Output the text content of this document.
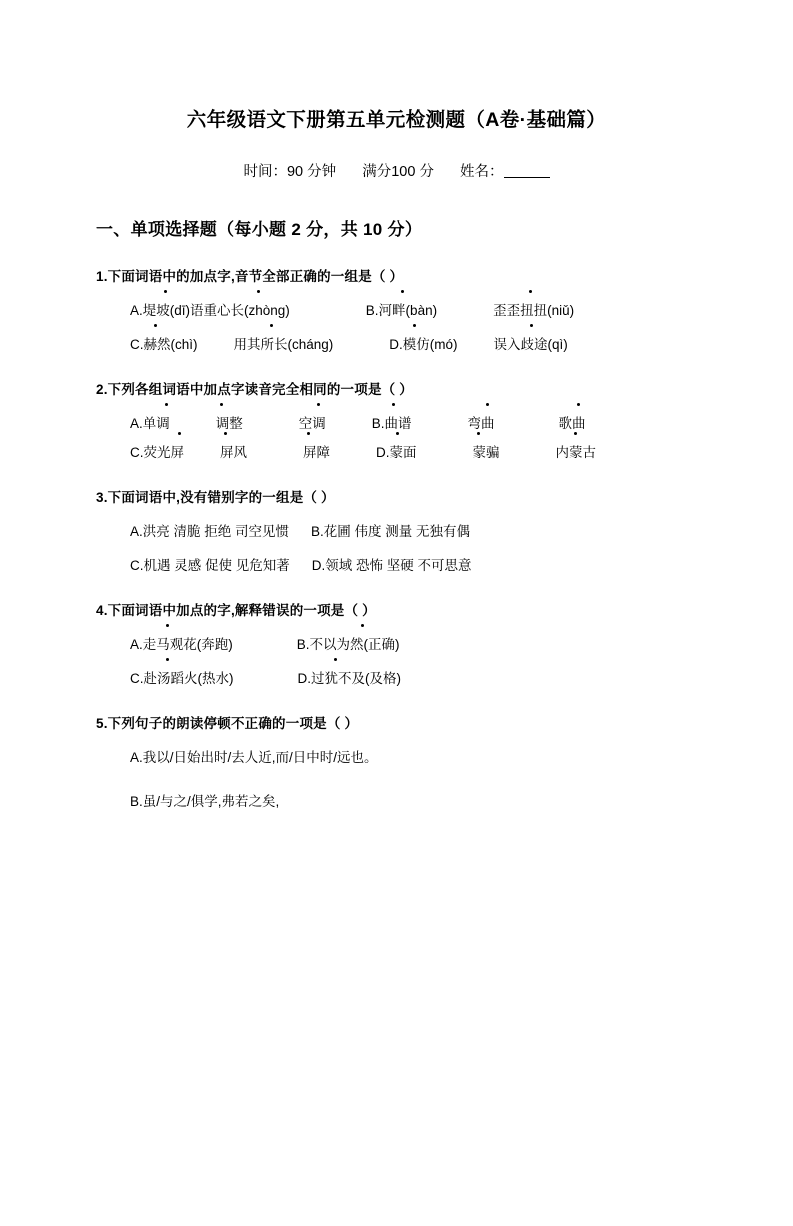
六年级语文下册第五单元检测题（A卷·基础篇）
时间：90 分钟 满分100 分 姓名：
一、单项选择题（每小题 2 分，共 10 分）
1.下面词语中的加点字,音节全部正确的一组是（ ）
A.堤坡(dī)语重心长(zhòng)	B.河畔(bàn)	歪歪扭扭(niǔ)
C.赫然(chì)	用其所长(cháng)	D.模仿(mó)	误入歧途(qì)
2.下列各组词语中加点字读音完全相同的一项是（ ）
A.单调	调整	空调	B.曲谱	弯曲	歌曲
C.荧光屏	屏风	屏障	D.蒙面	蒙骗	内蒙古
3.下面词语中,没有错别字的一组是（ ）
A.洪亮 清脆 拒绝 司空见惯 B.花圃 伟度 测量 无独有偶
C.机遇 灵感 促使 见危知著 D.领域 恐怖 坚硬 不可思意
4.下面词语中加点的字,解释错误的一项是（ ）
A.走马观花(奔跑)	B.不以为然(正确)
C.赴汤蹈火(热水)	D.过犹不及(及格)
5.下列句子的朗读停顿不正确的一项是（ ）
A.我以/日始出时/去人近,而/日中时/远也。
B.虽/与之/俱学,弗若之矣,
